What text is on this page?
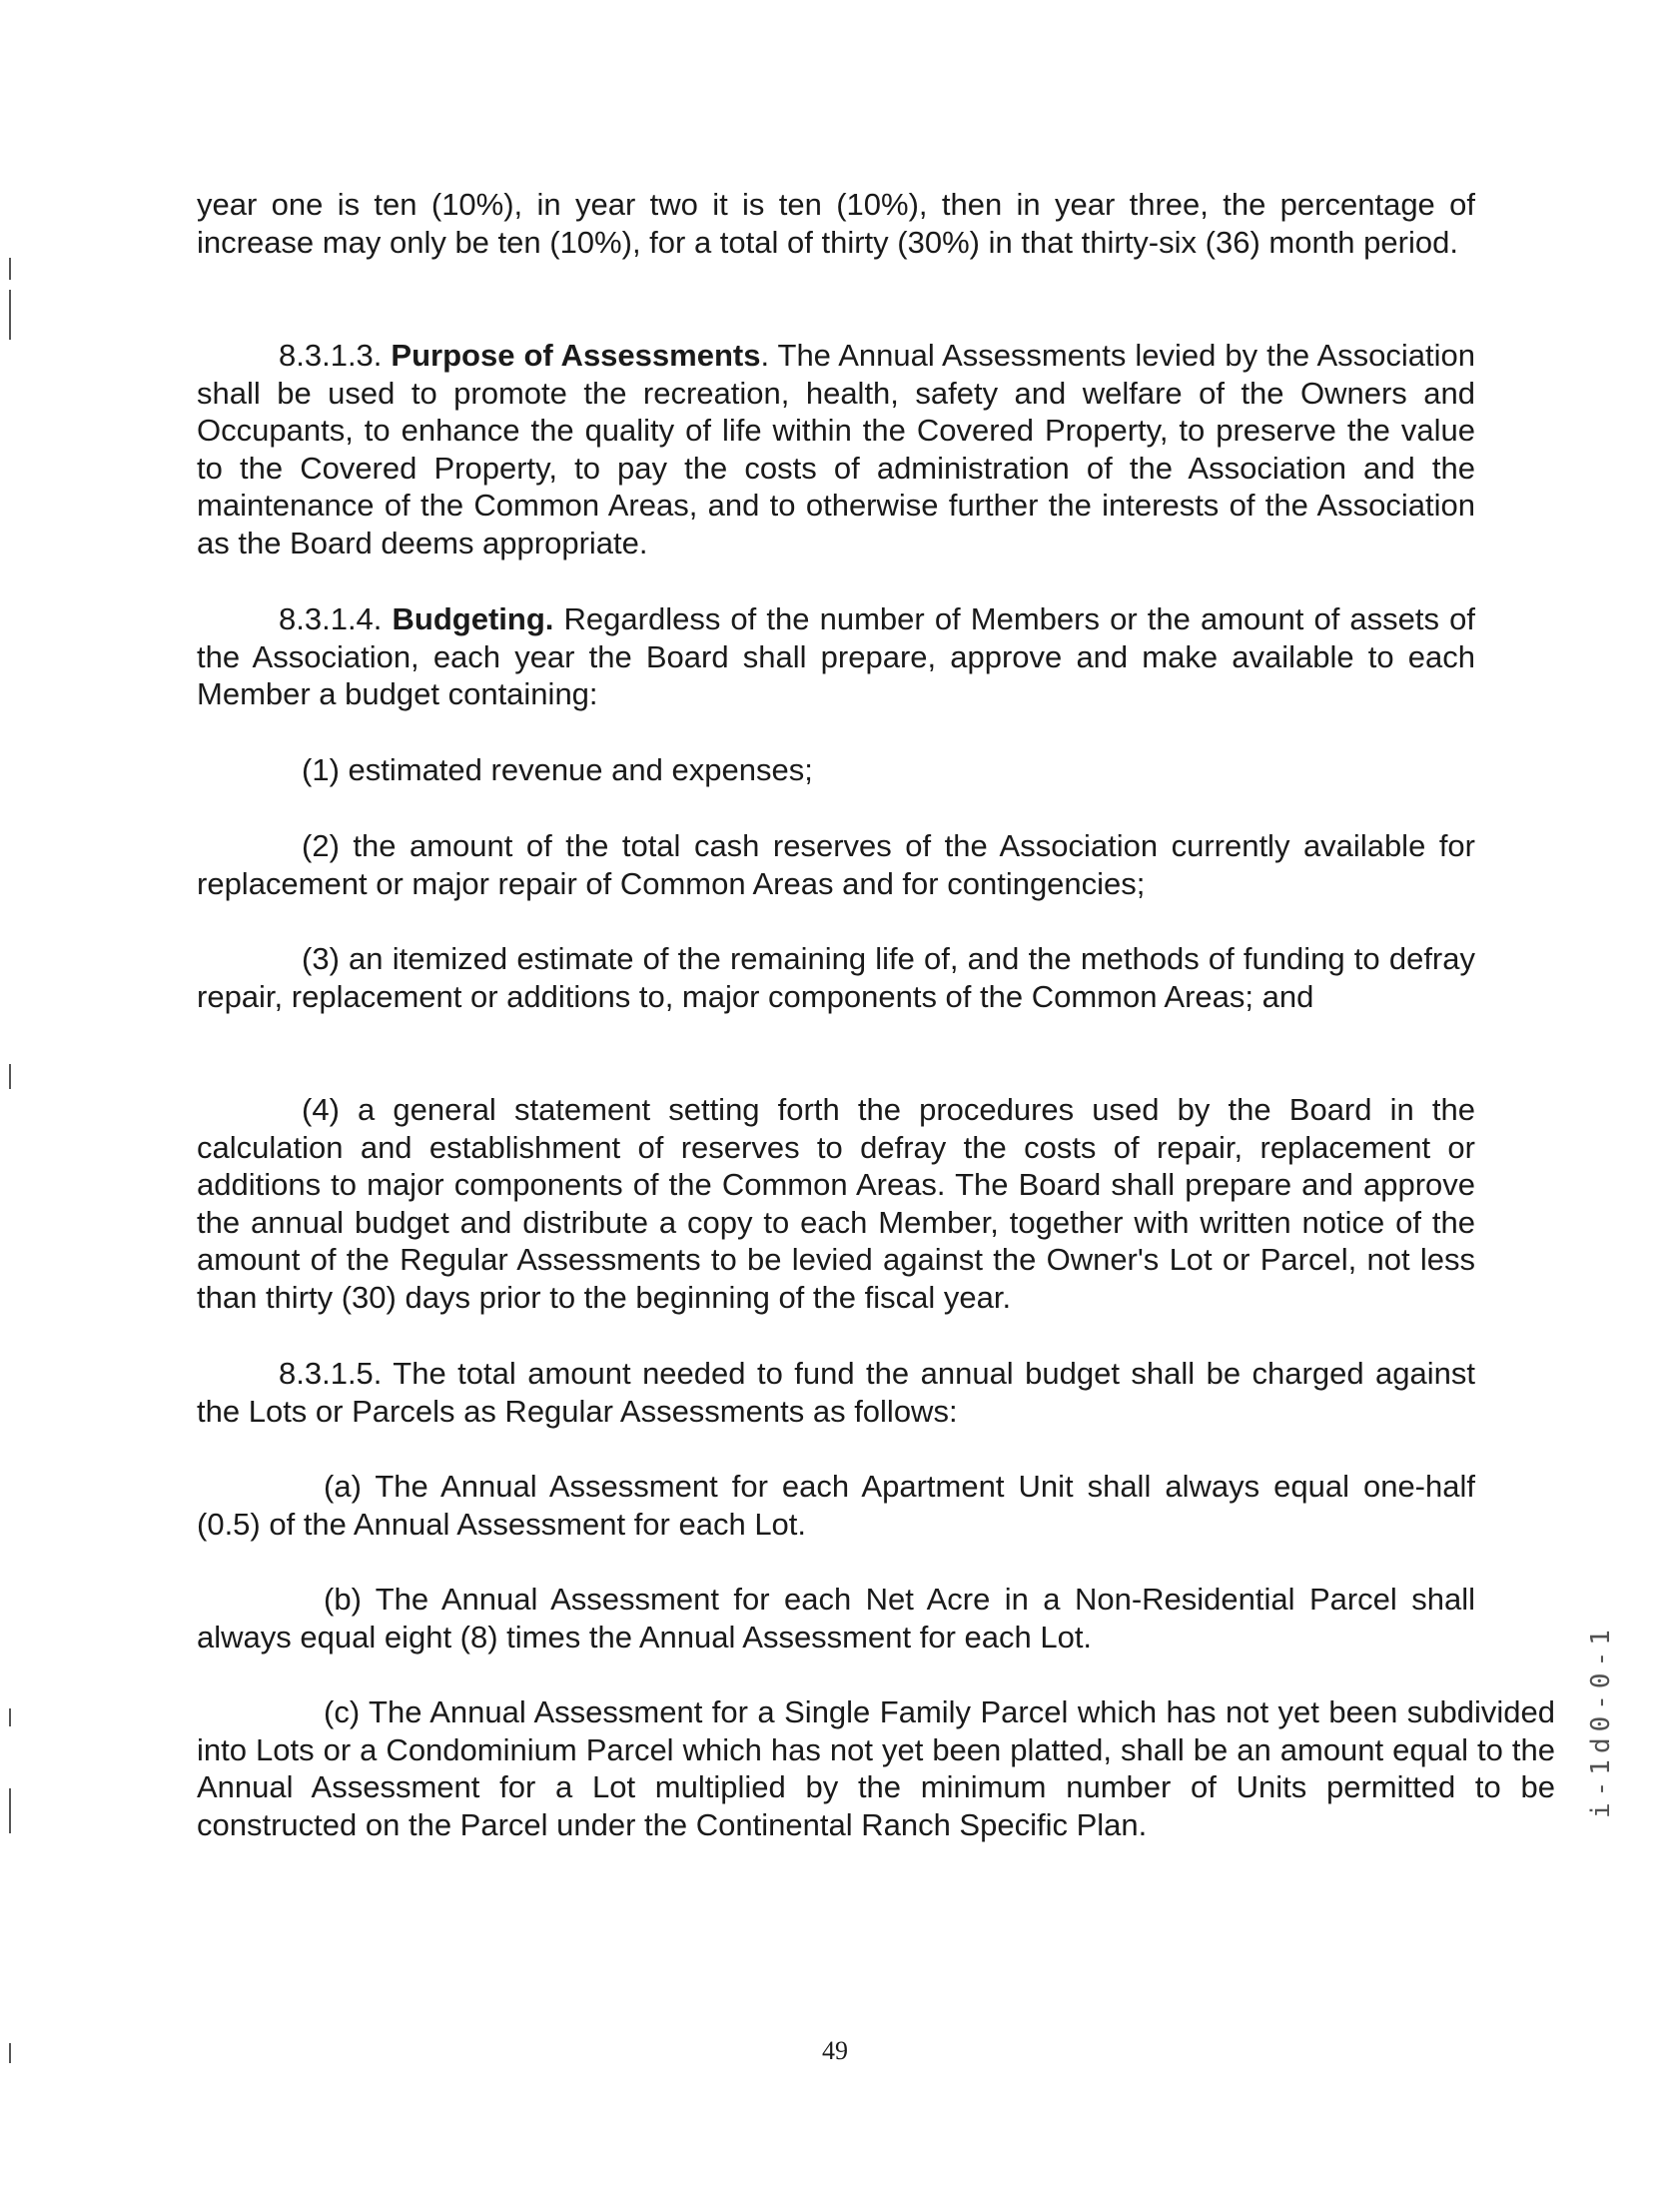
year one is ten (10%), in year two it is ten (10%), then in year three, the percentage of increase may only be ten (10%), for a total of thirty (30%) in that thirty-six (36) month period.

8.3.1.3. Purpose of Assessments. The Annual Assessments levied by the Association shall be used to promote the recreation, health, safety and welfare of the Owners and Occupants, to enhance the quality of life within the Covered Property, to preserve the value to the Covered Property, to pay the costs of administration of the Association and the maintenance of the Common Areas, and to otherwise further the interests of the Association as the Board deems appropriate.

8.3.1.4. Budgeting. Regardless of the number of Members or the amount of assets of the Association, each year the Board shall prepare, approve and make available to each Member a budget containing:

(1) estimated revenue and expenses;

(2) the amount of the total cash reserves of the Association currently available for replacement or major repair of Common Areas and for contingencies;

(3) an itemized estimate of the remaining life of, and the methods of funding to defray repair, replacement or additions to, major components of the Common Areas; and

(4) a general statement setting forth the procedures used by the Board in the calculation and establishment of reserves to defray the costs of repair, replacement or additions to major components of the Common Areas. The Board shall prepare and approve the annual budget and distribute a copy to each Member, together with written notice of the amount of the Regular Assessments to be levied against the Owner's Lot or Parcel, not less than thirty (30) days prior to the beginning of the fiscal year.

8.3.1.5. The total amount needed to fund the annual budget shall be charged against the Lots or Parcels as Regular Assessments as follows:

(a) The Annual Assessment for each Apartment Unit shall always equal one-half (0.5) of the Annual Assessment for each Lot.

(b) The Annual Assessment for each Net Acre in a Non-Residential Parcel shall always equal eight (8) times the Annual Assessment for each Lot.

(c) The Annual Assessment for a Single Family Parcel which has not yet been subdivided into Lots or a Condominium Parcel which has not yet been platted, shall be an amount equal to the Annual Assessment for a Lot multiplied by the minimum number of Units permitted to be constructed on the Parcel under the Continental Ranch Specific Plan.

i-1d0-0-1
49
